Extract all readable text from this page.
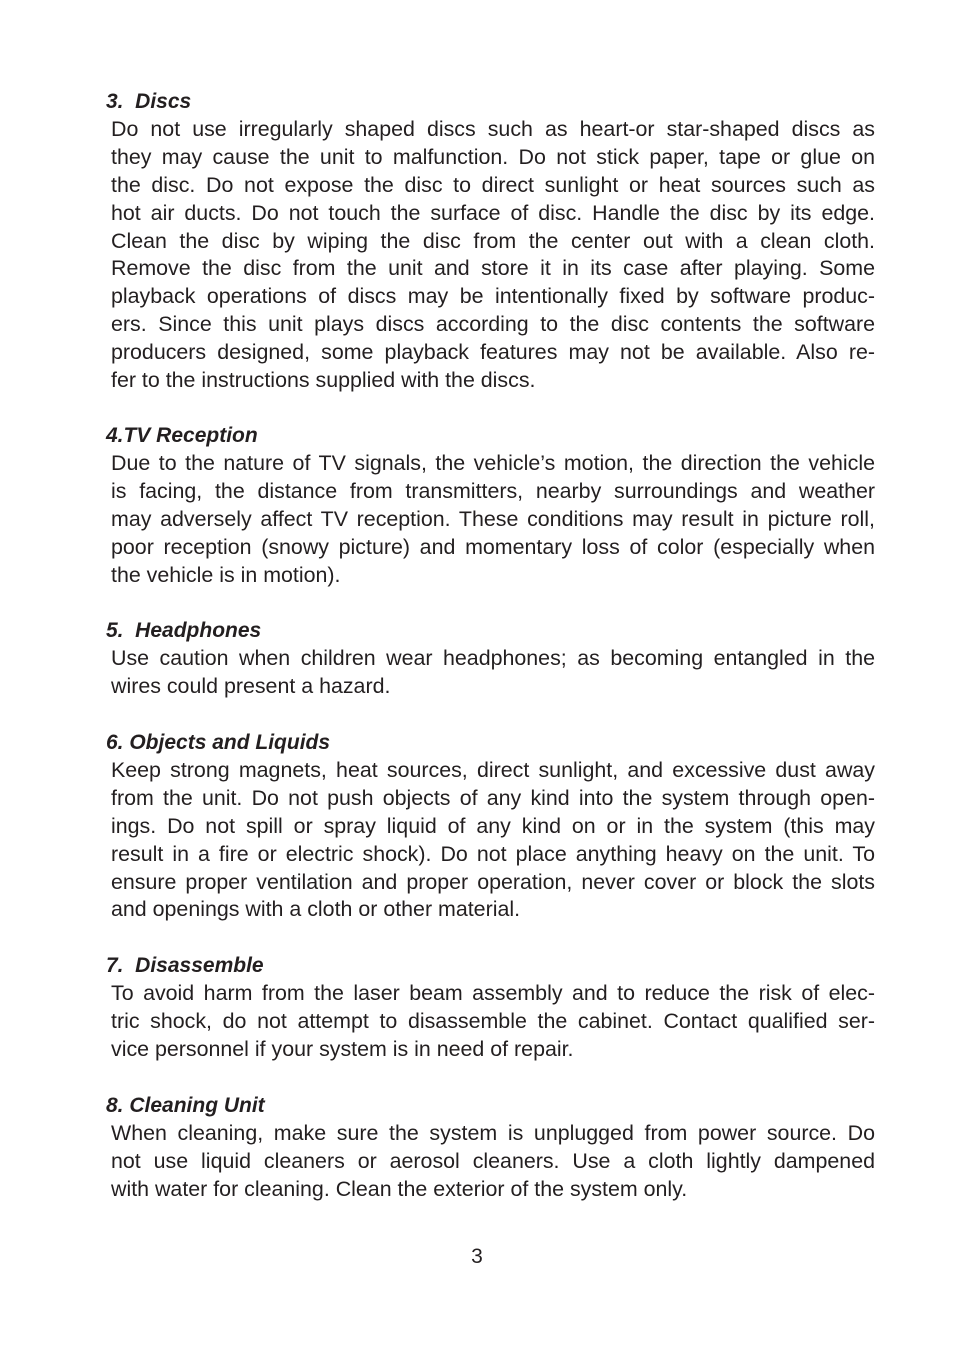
3.  Discs
Do not use irregularly shaped discs such as heart-or star-shaped discs as
they may cause the unit to malfunction. Do not stick paper, tape or glue on
the disc. Do not expose the disc to direct sunlight or heat sources such as
hot air ducts. Do not touch the surface of disc. Handle the disc by its edge.
Clean the disc by wiping the disc from the center out with a clean cloth.
Remove the disc from the unit and store it in its case after playing. Some
playback operations of discs may be intentionally fixed by software produc-
ers. Since this unit plays discs according to the disc contents the software
producers designed, some playback features may not be available. Also re-
fer to the instructions supplied with the discs.
4.TV Reception
Due to the nature of TV signals, the vehicle’s motion, the direction the vehicle
is facing, the distance from transmitters, nearby surroundings and weather
may adversely affect TV reception. These conditions may result in picture roll,
poor reception (snowy picture) and momentary loss of color (especially when
the vehicle is in motion).
5.  Headphones
Use caution when children wear headphones; as becoming entangled in the
wires could present a hazard.
6. Objects and Liquids
Keep strong magnets, heat sources, direct sunlight, and excessive dust away
from the unit. Do not push objects of any kind into the system through open-
ings. Do not spill or spray liquid of any kind on or in the system (this may
result in a fire or electric shock). Do not place anything heavy on the unit. To
ensure proper ventilation and proper operation, never cover or block the slots
and openings with a cloth or other material.
7.  Disassemble
To avoid harm from the laser beam assembly and to reduce the risk of elec-
tric shock, do not attempt to disassemble the cabinet. Contact qualified ser-
vice personnel if your system is in need of repair.
8. Cleaning Unit
When cleaning, make sure the system is unplugged from power source. Do
not use liquid cleaners or aerosol cleaners. Use a cloth lightly dampened
with water for cleaning. Clean the exterior of the system only.
3
